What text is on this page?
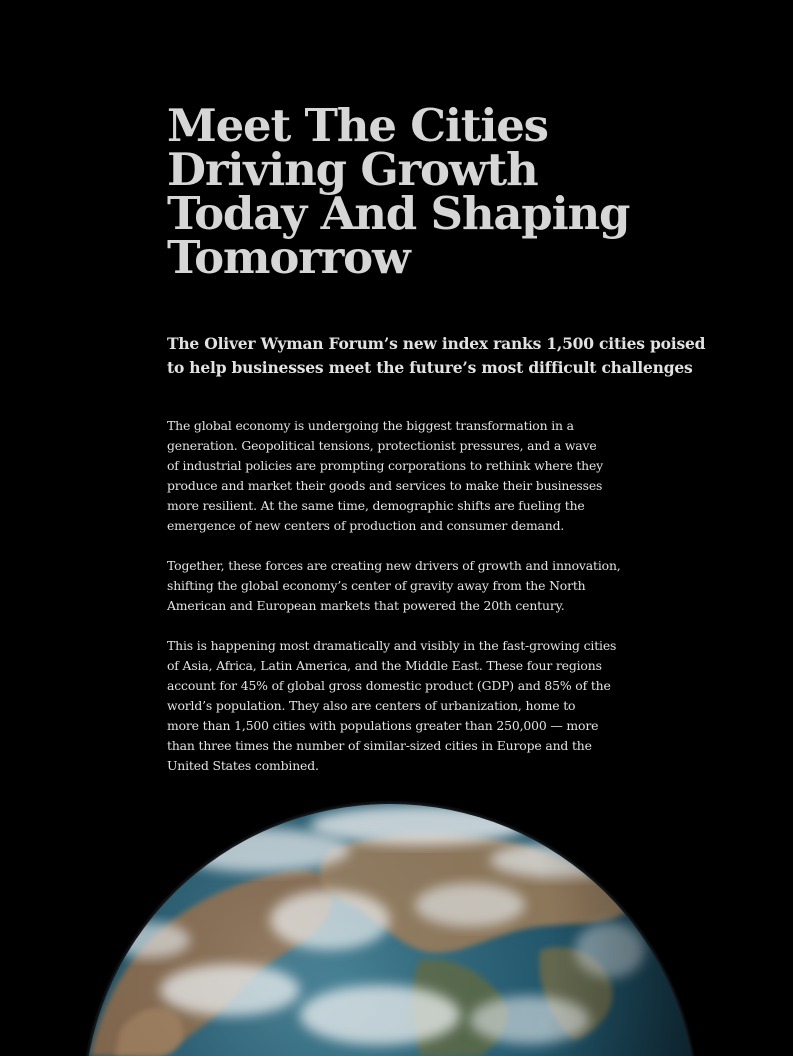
Meet The Cities
Driving Growth
Today And Shaping
Tomorrow
The Oliver Wyman Forum’s new index ranks 1,500 cities poised
to help businesses meet the future’s most difficult challenges

The global economy is undergoing the biggest transformation in a
generation. Geopolitical tensions, protectionist pressures, and a wave
of industrial policies are prompting corporations to rethink where they
produce and market their goods and services to make their businesses
more resilient. At the same time, demographic shifts are fueling the
emergence of new centers of production and consumer demand.

Together, these forces are creating new drivers of growth and innovation,
shifting the global economy’s center of gravity away from the North
American and European markets that powered the 20th century.

This is happening most dramatically and visibly in the fast-growing cities
of Asia, Africa, Latin America, and the Middle East. These four regions
account for 45% of global gross domestic product (GDP) and 85% of the
world’s population. They also are centers of urbanization, home to
more than 1,500 cities with populations greater than 250,000 — more
than three times the number of similar-sized cities in Europe and the
United States combined.
